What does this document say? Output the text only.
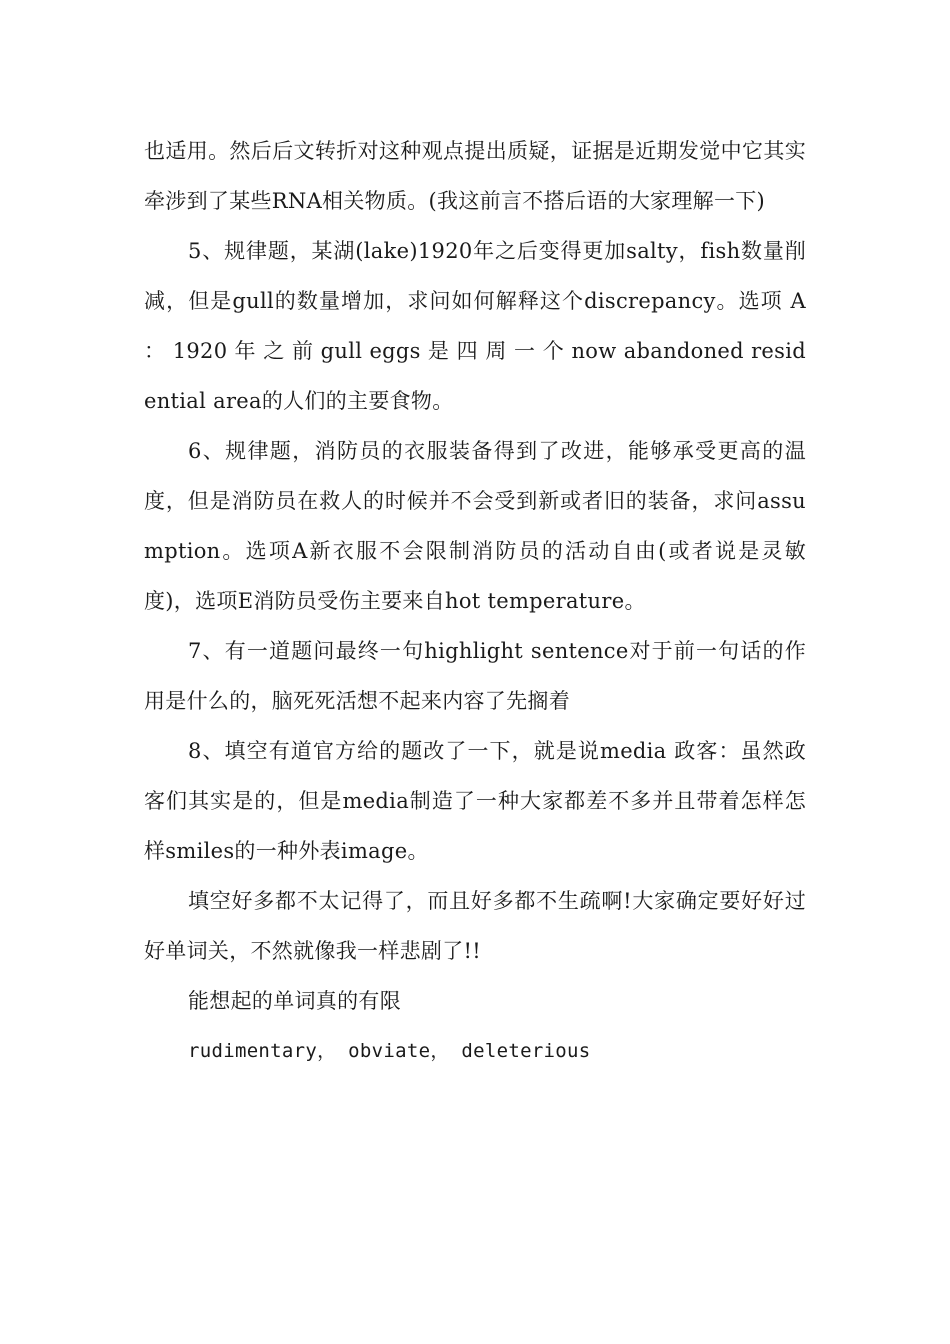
也适用。然后后文转折对这种观点提出质疑，证据是近期发觉中它其实牵涉到了某些RNA相关物质。(我这前言不搭后语的大家理解一下)

5、规律题，某湖(lake)1920年之后变得更加salty，fish数量削减，但是gull的数量增加，求问如何解释这个discrepancy。选项 A ： 1920 年 之 前 gull eggs 是 四 周 一 个 now abandoned residential area的人们的主要食物。

6、规律题，消防员的衣服装备得到了改进，能够承受更高的温度，但是消防员在救人的时候并不会受到新或者旧的装备，求问assumption。选项A新衣服不会限制消防员的活动自由(或者说是灵敏度)，选项E消防员受伤主要来自hot temperature。

7、有一道题问最终一句highlight sentence对于前一句话的作用是什么的，脑死死活想不起来内容了先搁着

8、填空有道官方给的题改了一下，就是说media 政客：虽然政客们其实是的，但是media制造了一种大家都差不多并且带着怎样怎样smiles的一种外表image。

填空好多都不太记得了，而且好多都不生疏啊!大家确定要好好过好单词关，不然就像我一样悲剧了!!

能想起的单词真的有限

rudimentary， obviate， deleterious
